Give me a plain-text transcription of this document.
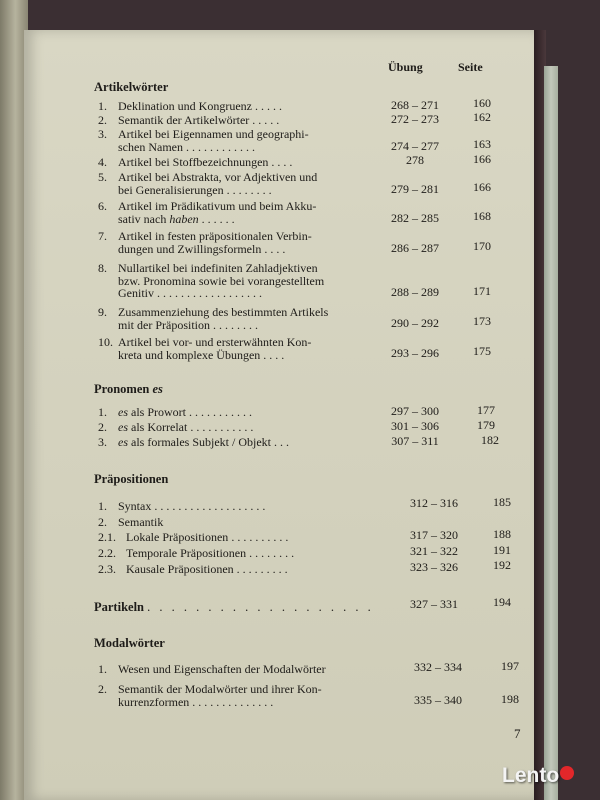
Übung	Seite
Artikelwörter
1. Deklination und Kongruenz . . . . .	268 – 271	160
2. Semantik der Artikelwörter . . . . .	272 – 273	162
3. Artikel bei Eigennamen und geographi-
schen Namen . . . . . . . . . . . .	274 – 277	163
4. Artikel bei Stoffbezeichnungen . . . .	278	166
5. Artikel bei Abstrakta, vor Adjektiven und
bei Generalisierungen . . . . . . . .	279 – 281	166
6. Artikel im Prädikativum und beim Akku-
sativ nach haben . . . . . .	282 – 285	168
7. Artikel in festen präpositionalen Verbin-
dungen und Zwillingsformeln . . . .	286 – 287	170
8. Nullartikel bei indefiniten Zahladjektiven
bzw. Pronomina sowie bei vorangestelltem
Genitiv . . . . . . . . . . . . . . . . . .	288 – 289	171
9. Zusammenziehung des bestimmten Artikels
mit der Präposition . . . . . . . .	290 – 292	173
10. Artikel bei vor- und ersterwähnten Kon-
kreta und komplexe Übungen . . . .	293 – 296	175
Pronomen es
1. es als Prowort . . . . . . . . . . .	297 – 300	177
2. es als Korrelat . . . . . . . . . . .	301 – 306	179
3. es als formales Subjekt / Objekt . . .	307 – 311	182
Präpositionen
1. Syntax . . . . . . . . . . . . . . . . . . .	312 – 316	185
2. Semantik
2.1. Lokale Präpositionen . . . . . . . . . .	317 – 320	188
2.2. Temporale Präpositionen . . . . . . . .	321 – 322	191
2.3. Kausale Präpositionen . . . . . . . . .	323 – 326	192
Partikeln . . . . . . . . . . . . . . . . . . .	327 – 331	194
Modalwörter
1. Wesen und Eigenschaften der Modalwörter	332 – 334	197
2. Semantik der Modalwörter und ihrer Kon-
kurrenzformen . . . . . . . . . . . . . .	335 – 340	198
7
Lento
